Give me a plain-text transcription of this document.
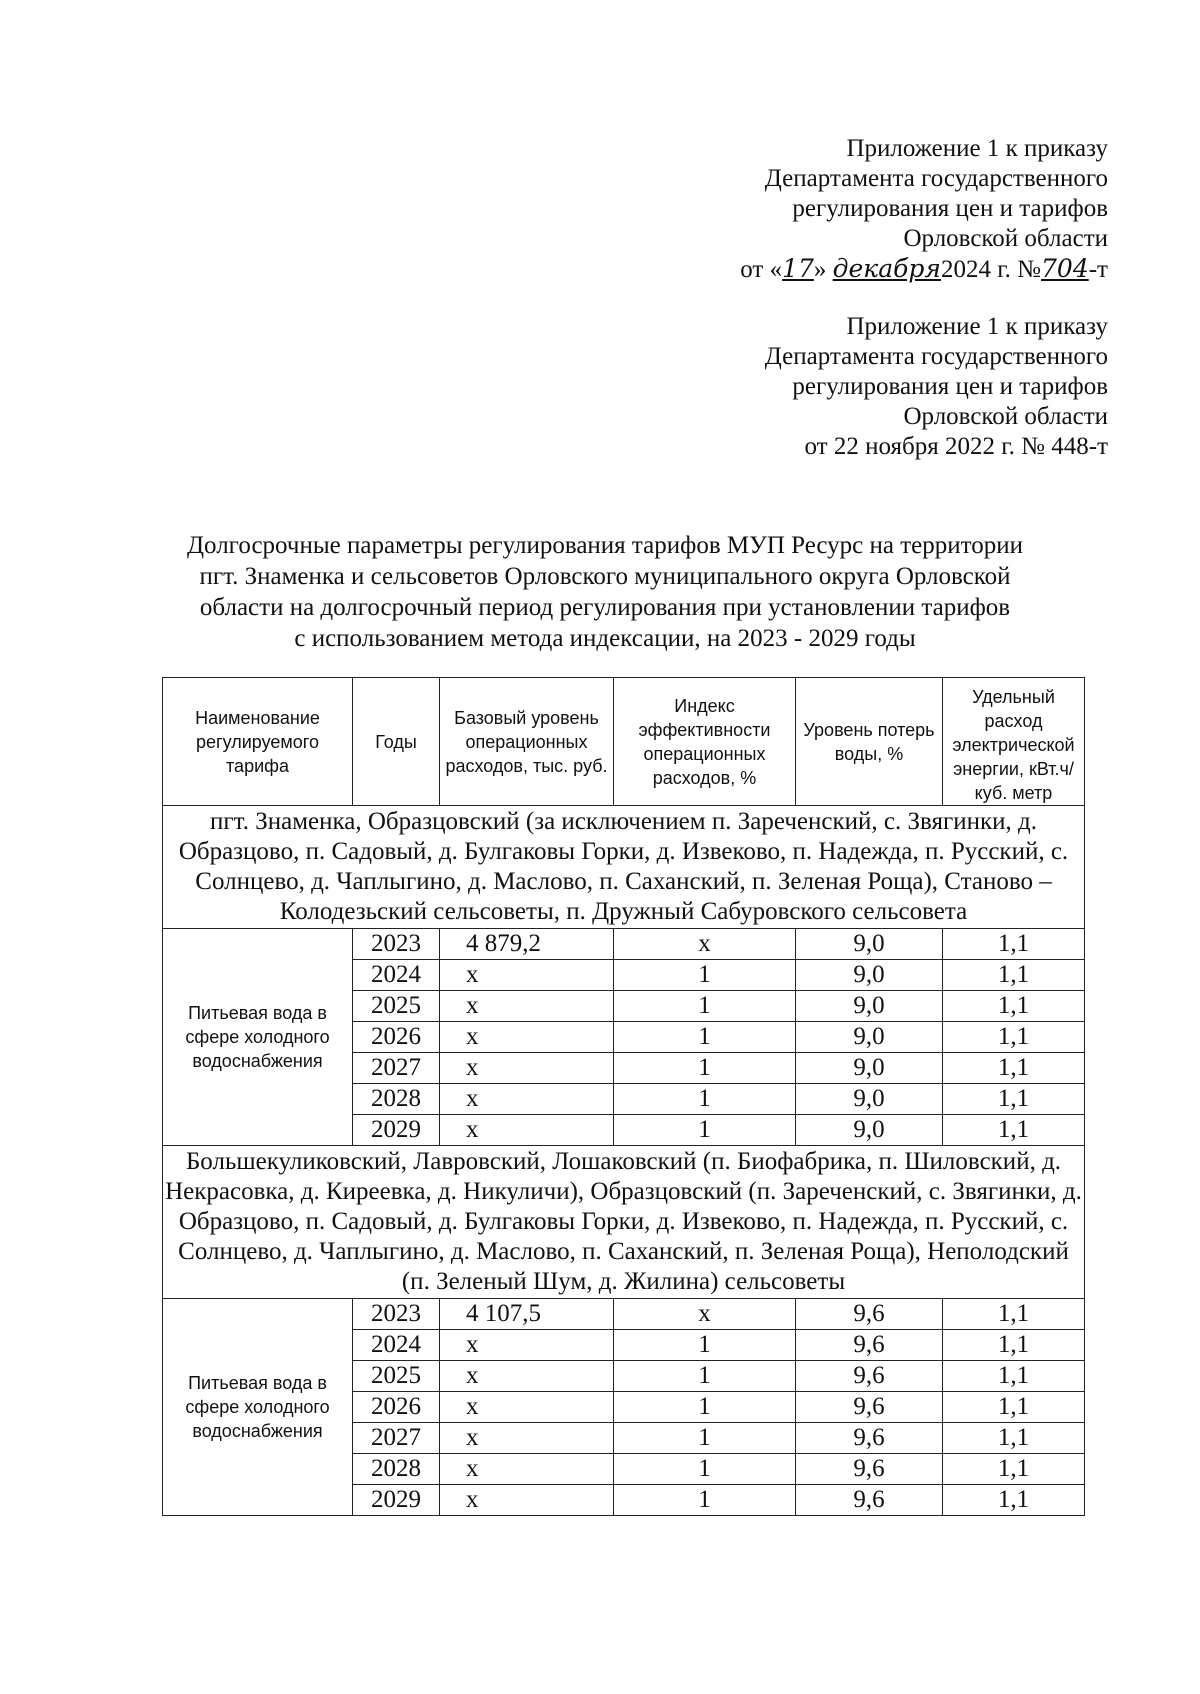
Приложение 1 к приказу
Департамента государственного
регулирования цен и тарифов
Орловской области
от «17» декабря2024 г. №704-т
Приложение 1 к приказу
Департамента государственного
регулирования цен и тарифов
Орловской области
от 22 ноября 2022 г. № 448-т
Долгосрочные параметры регулирования тарифов МУП Ресурс на территории
пгт. Знаменка и сельсоветов Орловского муниципального округа Орловской
области на долгосрочный период регулирования при установлении тарифов
с использованием метода индексации, на 2023 - 2029 годы
Наименование регулируемого тарифа	Годы	Базовый уровень операционных расходов, тыс. руб.	Индекс эффективности операционных расходов, %	Уровень потерь воды, %	Удельный расход электрической энергии, кВт.ч/куб. метр
пгт. Знаменка, Образцовский (за исключением п. Зареченский, с. Звягинки, д. Образцово, п. Садовый, д. Булгаковы Горки, д. Извеково, п. Надежда, п. Русский, с. Солнцево, д. Чаплыгино, д. Маслово, п. Саханский, п. Зеленая Роща), Станово – Колодезьский сельсоветы, п. Дружный Сабуровского сельсовета					
Питьевая вода в сфере холодного водоснабжения	2023	4 879,2	х	9,0	1,1
	2024	х	1	9,0	1,1
	2025	х	1	9,0	1,1
	2026	х	1	9,0	1,1
	2027	х	1	9,0	1,1
	2028	х	1	9,0	1,1
	2029	х	1	9,0	1,1
Большекуликовский, Лавровский, Лошаковский (п. Биофабрика, п. Шиловский, д. Некрасовка, д. Киреевка, д. Никуличи), Образцовский (п. Зареченский, с. Звягинки, д. Образцово, п. Садовый, д. Булгаковы Горки, д. Извеково, п. Надежда, п. Русский, с. Солнцево, д. Чаплыгино, д. Маслово, п. Саханский, п. Зеленая Роща), Неполодский (п. Зеленый Шум, д. Жилина) сельсоветы					
Питьевая вода в сфере холодного водоснабжения	2023	4 107,5	х	9,6	1,1
	2024	х	1	9,6	1,1
	2025	х	1	9,6	1,1
	2026	х	1	9,6	1,1
	2027	х	1	9,6	1,1
	2028	х	1	9,6	1,1
	2029	х	1	9,6	1,1
